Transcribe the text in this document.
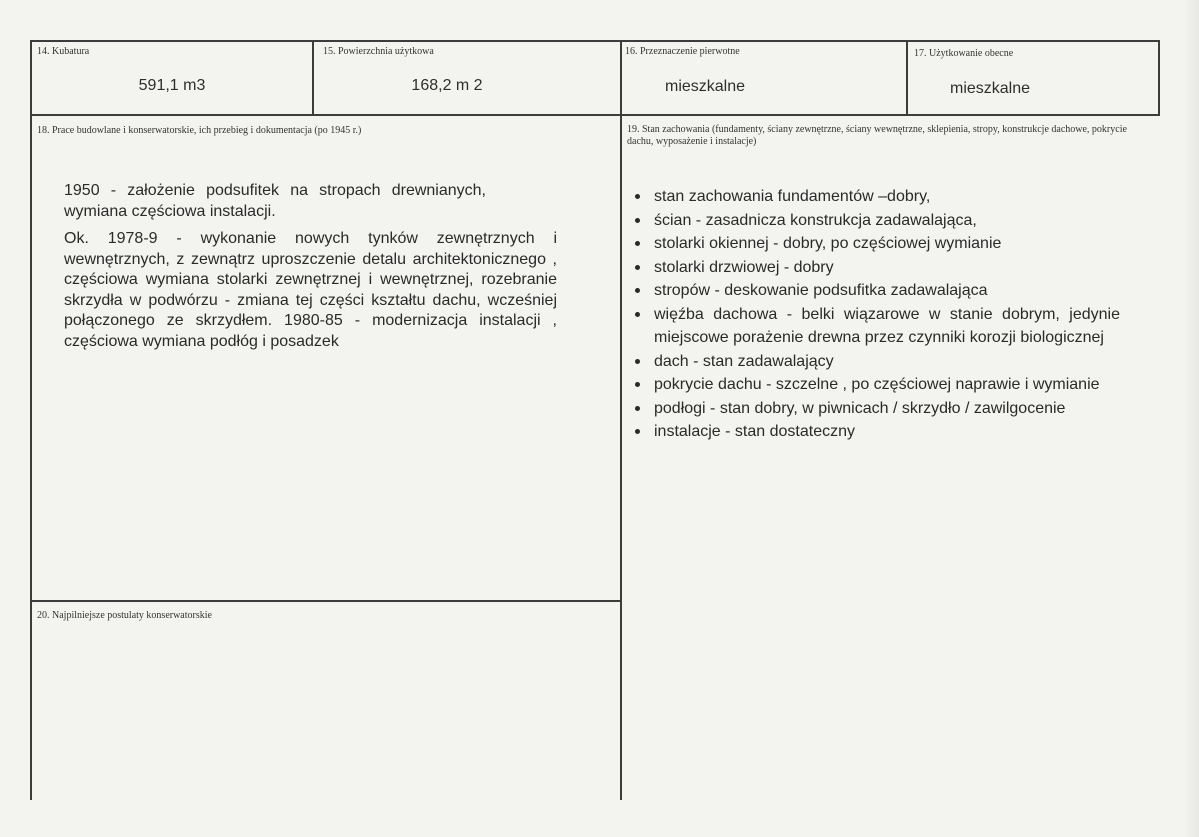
14. Kubatura
591,1 m3
15. Powierzchnia użytkowa
168,2 m 2
16. Przeznaczenie pierwotne
mieszkalne
17. Użytkowanie obecne
mieszkalne
18. Prace budowlane i konserwatorskie, ich przebieg i dokumentacja (po 1945 r.)

1950 - założenie podsufitek na stropach drewnianych, wymiana częściowa instalacji.

Ok. 1978-9 - wykonanie nowych tynków zewnętrznych i wewnętrznych, z zewnątrz uproszczenie detalu architektonicznego , częściowa wymiana stolarki zewnętrznej i wewnętrznej, rozebranie skrzydła w podwórzu - zmiana tej części kształtu dachu, wcześniej połączonego ze skrzydłem. 1980-85 - modernizacja instalacji , częściowa wymiana podłóg i posadzek

19. Stan zachowania (fundamenty, ściany zewnętrzne, ściany wewnętrzne, sklepienia, stropy, konstrukcje dachowe, pokrycie dachu, wyposażenie i instalacje)
stan zachowania fundamentów –dobry,
ścian - zasadnicza konstrukcja zadawalająca,
stolarki okiennej - dobry, po częściowej wymianie
stolarki drzwiowej - dobry
stropów - deskowanie podsufitka zadawalająca
więźba dachowa - belki wiązarowe w stanie dobrym, jedynie miejscowe porażenie drewna przez czynniki korozji biologicznej
dach - stan zadawalający
pokrycie dachu - szczelne , po częściowej naprawie i wymianie
podłogi - stan dobry, w piwnicach / skrzydło / zawilgocenie
instalacje - stan dostateczny
20. Najpilniejsze postulaty konserwatorskie
